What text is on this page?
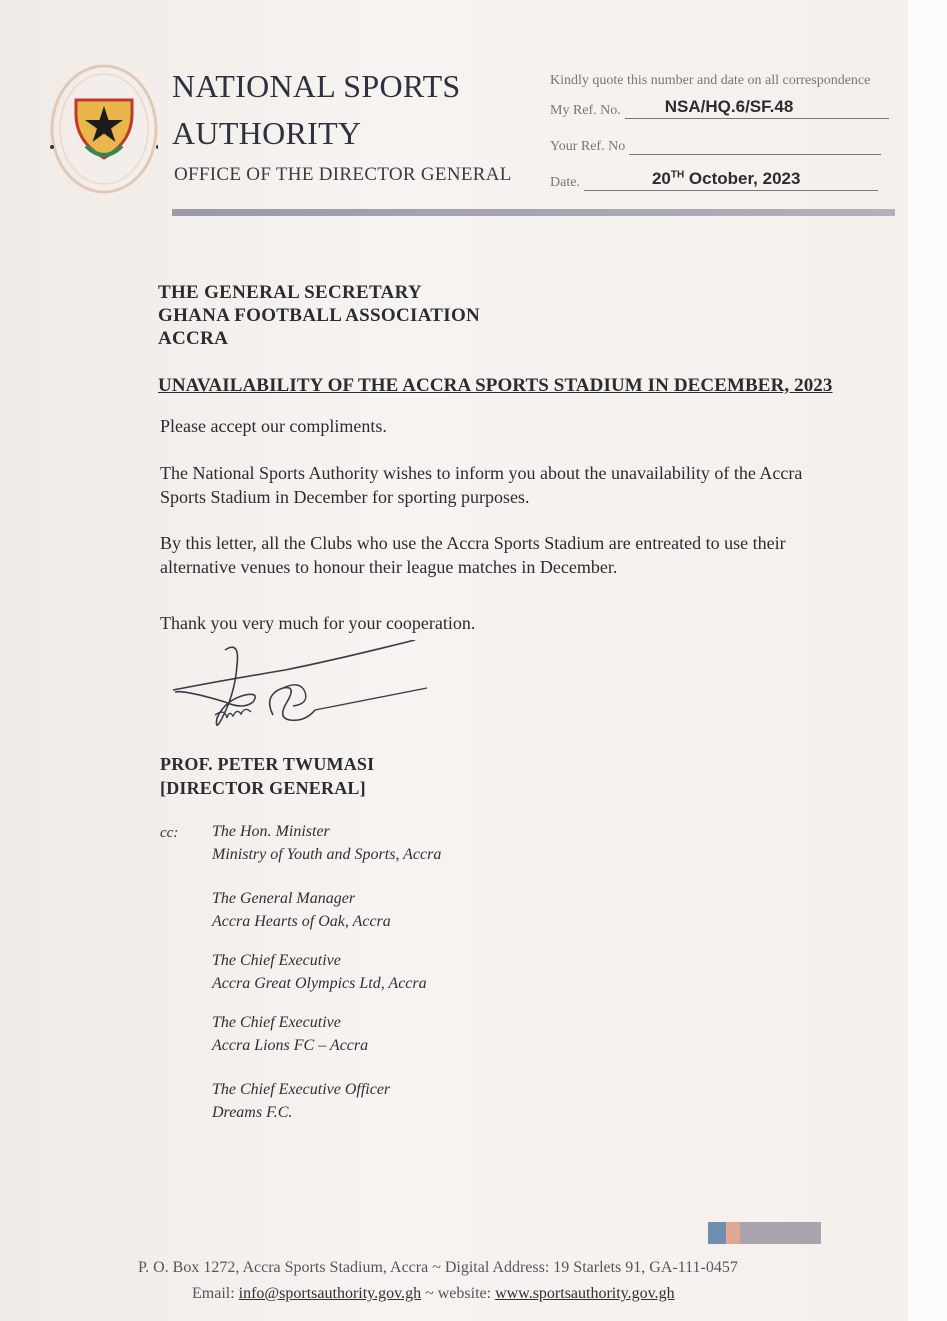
NATIONAL SPORTS
AUTHORITY
OFFICE OF THE DIRECTOR GENERAL
Kindly quote this number and date on all correspondence
My Ref. No.	NSA/HQ.6/SF.48
Your Ref. No
Date.	20TH October, 2023
THE GENERAL SECRETARY
GHANA FOOTBALL ASSOCIATION
ACCRA
UNAVAILABILITY OF THE ACCRA SPORTS STADIUM IN DECEMBER, 2023
Please accept our compliments.
The National Sports Authority wishes to inform you about the unavailability of the Accra Sports Stadium in December for sporting purposes.
By this letter, all the Clubs who use the Accra Sports Stadium are entreated to use their alternative venues to honour their league matches in December.
Thank you very much for your cooperation.
PROF. PETER TWUMASI
[DIRECTOR GENERAL]
cc: The Hon. Minister
Ministry of Youth and Sports, Accra
The General Manager
Accra Hearts of Oak, Accra
The Chief Executive
Accra Great Olympics Ltd, Accra
The Chief Executive
Accra Lions FC – Accra
The Chief Executive Officer
Dreams F.C.
P. O. Box 1272, Accra Sports Stadium, Accra ~ Digital Address: 19 Starlets 91, GA-111-0457
Email: info@sportsauthority.gov.gh ~ website: www.sportsauthority.gov.gh
